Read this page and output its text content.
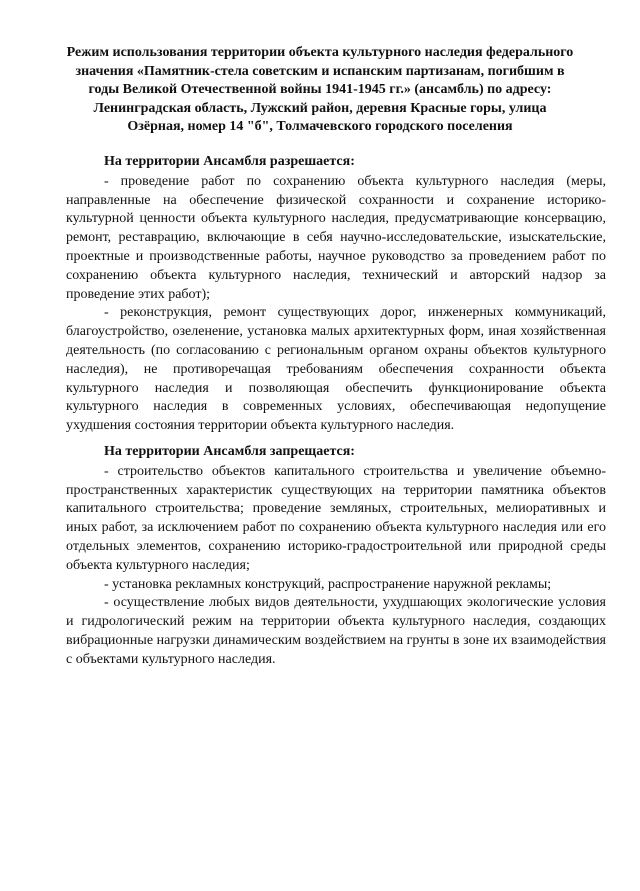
Режим использования территории объекта культурного наследия федерального
значения «Памятник-стела советским и испанским партизанам, погибшим в
годы Великой Отечественной войны 1941-1945 гг.» (ансамбль) по адресу:
Ленинградская область, Лужский район, деревня Красные горы, улица
Озёрная, номер 14 "б", Толмачевского городского поселения

На территории Ансамбля разрешается:

- проведение работ по сохранению объекта культурного наследия (меры, направленные на обеспечение физической сохранности и сохранение историко-культурной ценности объекта культурного наследия, предусматривающие консервацию, ремонт, реставрацию, включающие в себя научно-исследовательские, изыскательские, проектные и производственные работы, научное руководство за проведением работ по сохранению объекта культурного наследия, технический и авторский надзор за проведение этих работ);

- реконструкция, ремонт существующих дорог, инженерных коммуникаций, благоустройство, озеленение, установка малых архитектурных форм, иная хозяйственная деятельность (по согласованию с региональным органом охраны объектов культурного наследия), не противоречащая требованиям обеспечения сохранности объекта культурного наследия и позволяющая обеспечить функционирование объекта культурного наследия в современных условиях, обеспечивающая недопущение ухудшения состояния территории объекта культурного наследия.

На территории Ансамбля запрещается:

- строительство объектов капитального строительства и увеличение объемно-пространственных характеристик существующих на территории памятника объектов капитального строительства; проведение земляных, строительных, мелиоративных и иных работ, за исключением работ по сохранению объекта культурного наследия или его отдельных элементов, сохранению историко-градостроительной или природной среды объекта культурного наследия;

- установка рекламных конструкций, распространение наружной рекламы;

- осуществление любых видов деятельности, ухудшающих экологические условия и гидрологический режим на территории объекта культурного наследия, создающих вибрационные нагрузки динамическим воздействием на грунты в зоне их взаимодействия с объектами культурного наследия.
